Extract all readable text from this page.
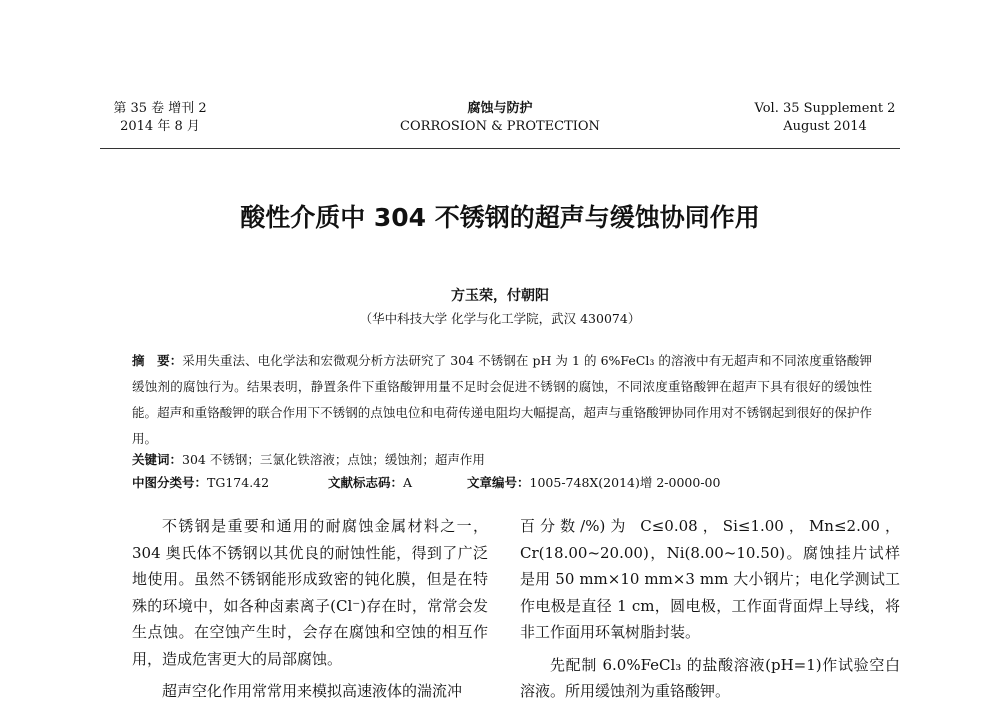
第 35 卷 增刊 2
2014 年 8 月
腐蚀与防护
CORROSION & PROTECTION
Vol. 35 Supplement 2
August 2014
酸性介质中 304 不锈钢的超声与缓蚀协同作用
方玉荣，付朝阳
（华中科技大学 化学与化工学院，武汉 430074）
摘　要：采用失重法、电化学法和宏微观分析方法研究了 304 不锈钢在 pH 为 1 的 6%FeCl₃ 的溶液中有无超声和不同浓度重铬酸钾缓蚀剂的腐蚀行为。结果表明，静置条件下重铬酸钾用量不足时会促进不锈钢的腐蚀，不同浓度重铬酸钾在超声下具有很好的缓蚀性能。超声和重铬酸钾的联合作用下不锈钢的点蚀电位和电荷传递电阻均大幅提高，超声与重铬酸钾协同作用对不锈钢起到很好的保护作用。
关键词：304 不锈钢；三氯化铁溶液；点蚀；缓蚀剂；超声作用
中图分类号：TG174.42	文献标志码：A	文章编号：1005-748X(2014)增 2-0000-00

不锈钢是重要和通用的耐腐蚀金属材料之一，304 奥氏体不锈钢以其优良的耐蚀性能，得到了广泛地使用。虽然不锈钢能形成致密的钝化膜，但是在特殊的环境中，如各种卤素离子(Cl⁻)存在时，常常会发生点蚀。在空蚀产生时，会存在腐蚀和空蚀的相互作用，造成危害更大的局部腐蚀。

超声空化作用常常用来模拟高速液体的湍流冲

百分数/%)为 C≤0.08，Si≤1.00，Mn≤2.00，Cr(18.00~20.00)，Ni(8.00~10.50)。腐蚀挂片试样是用 50 mm×10 mm×3 mm 大小钢片；电化学测试工作电极是直径 1 cm，圆电极，工作面背面焊上导线，将非工作面用环氧树脂封装。

先配制 6.0%FeCl₃ 的盐酸溶液(pH=1)作试验空白溶液。所用缓蚀剂为重铬酸钾。
